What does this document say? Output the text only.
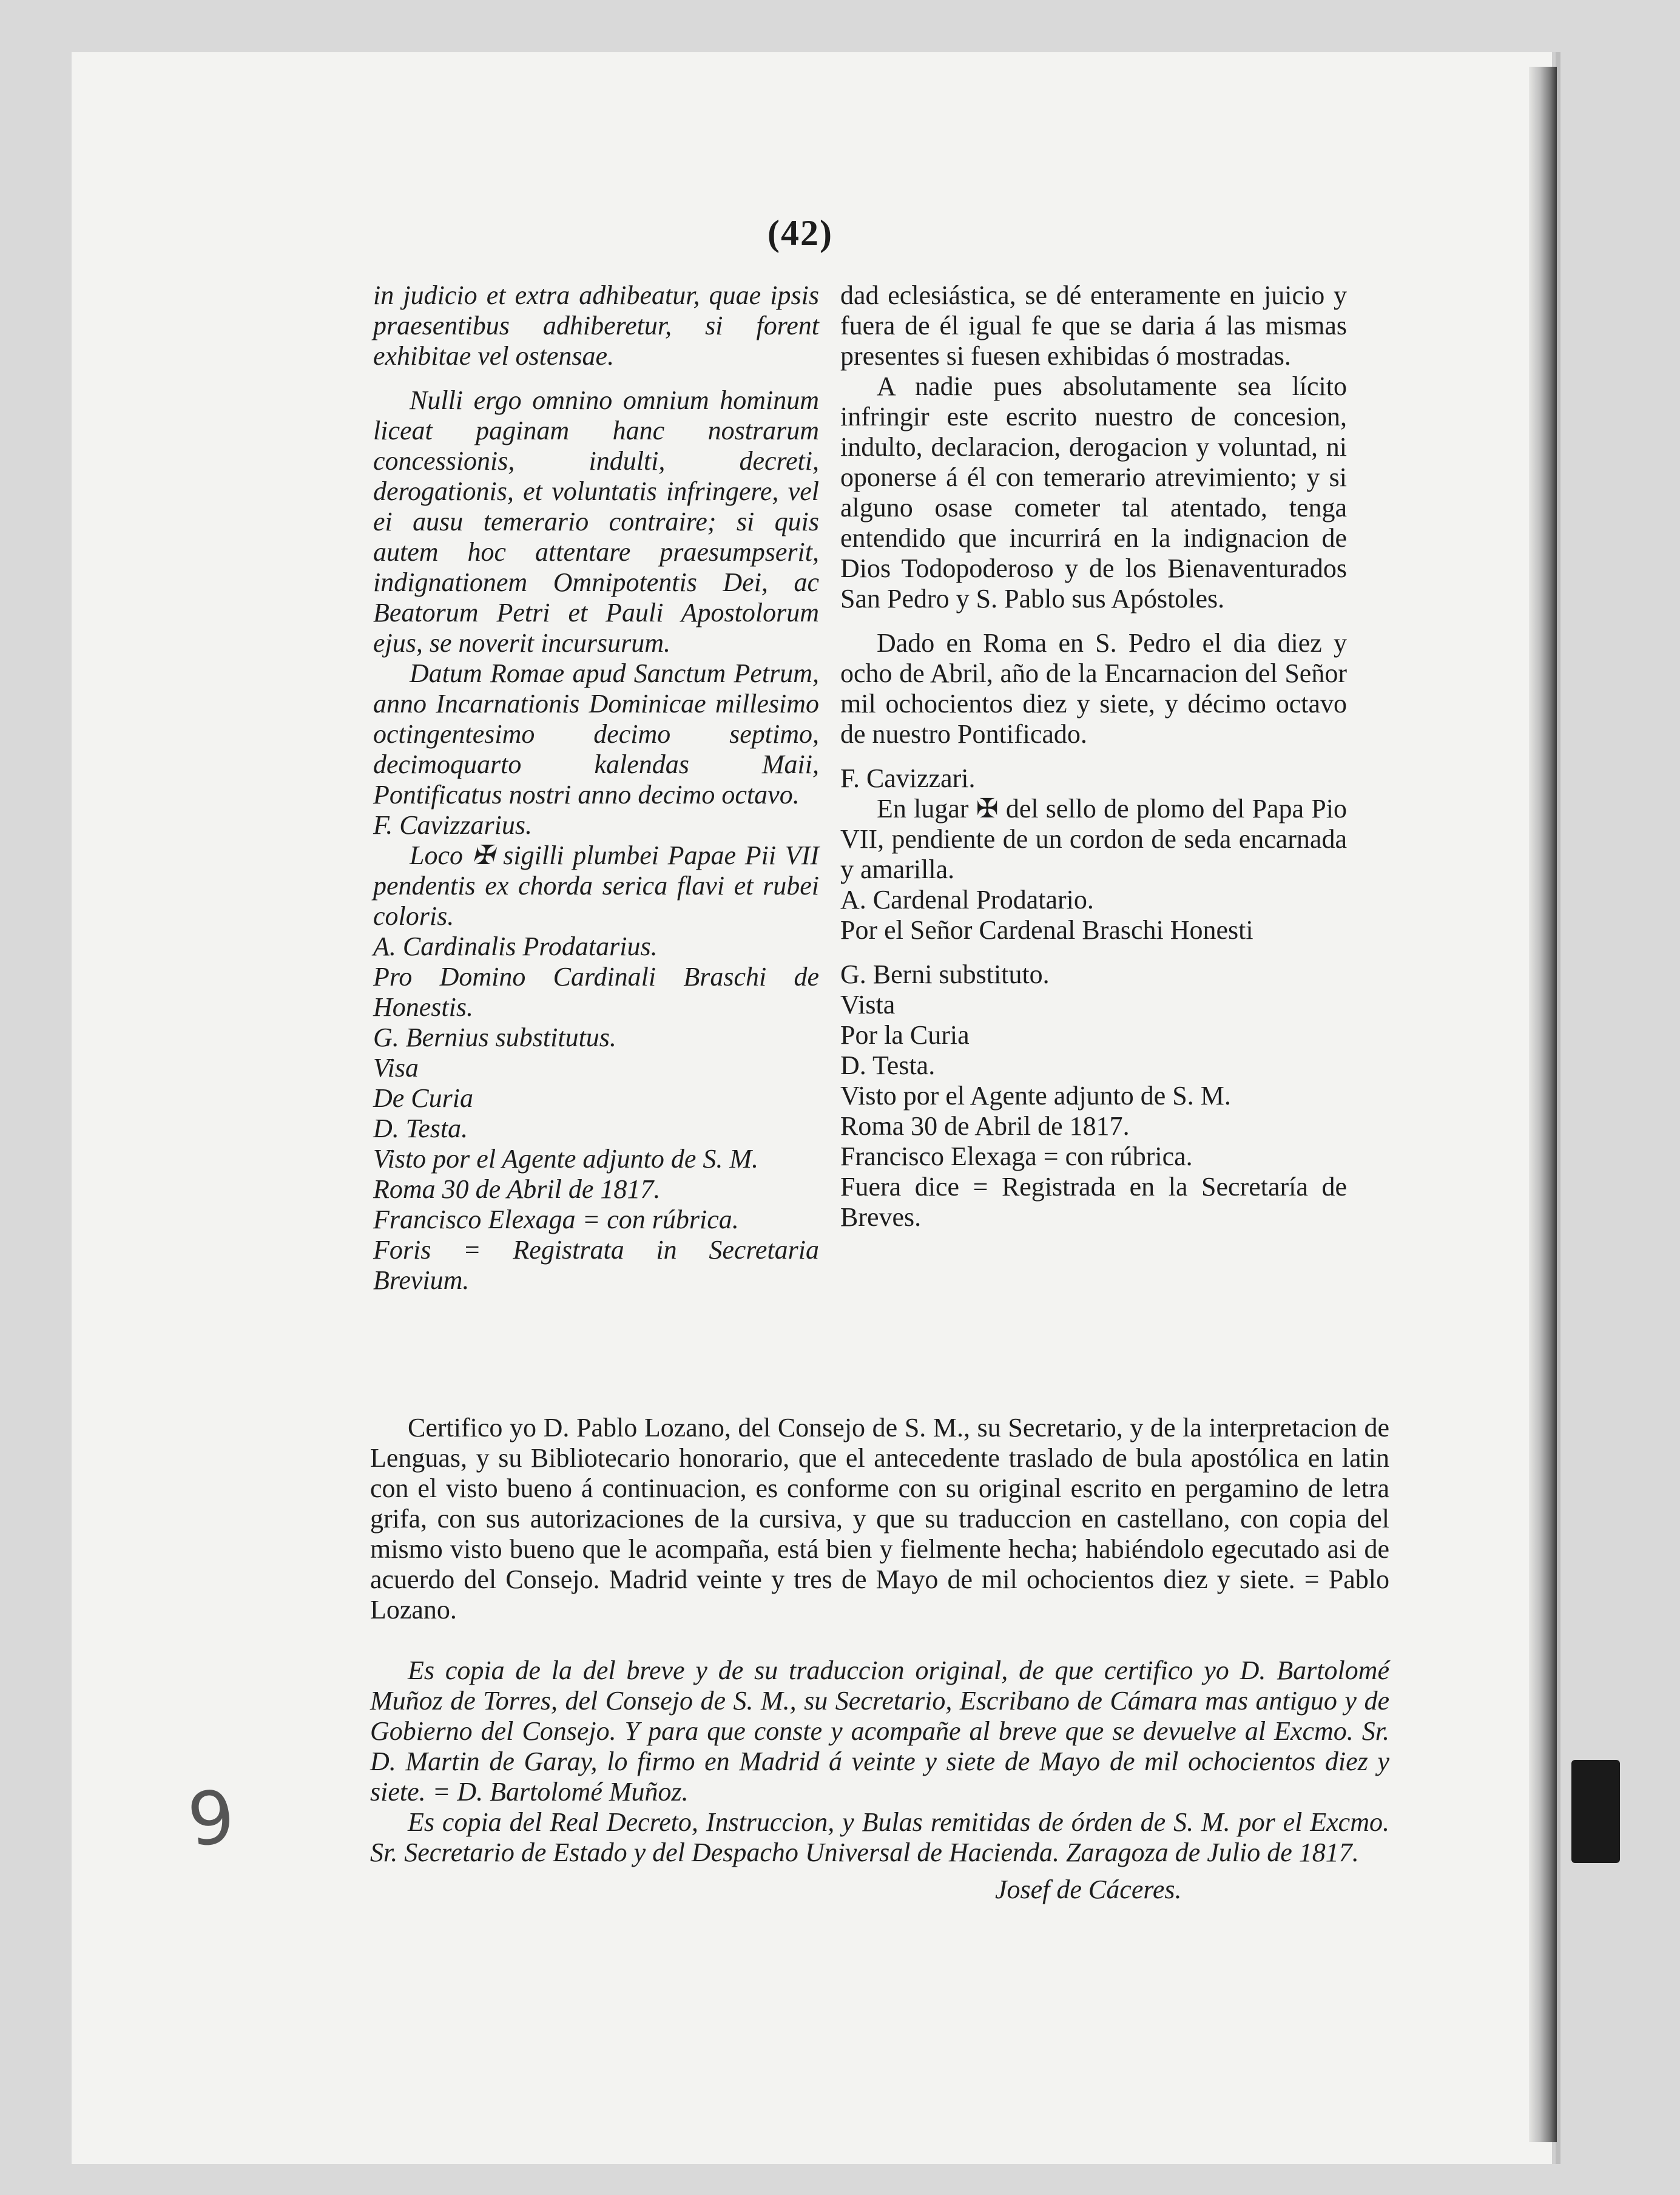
(42)

in judicio et extra adhibeatur, quae ipsis praesentibus adhiberetur, si forent exhibitae vel ostensae.

Nulli ergo omnino omnium hominum liceat paginam hanc nostrarum concessionis, indulti, decreti, derogationis, et voluntatis infringere, vel ei ausu temerario contraire; si quis autem hoc attentare praesumpserit, indignationem Omnipotentis Dei, ac Beatorum Petri et Pauli Apostolorum ejus, se noverit incursurum.

Datum Romae apud Sanctum Petrum, anno Incarnationis Dominicae millesimo octingentesimo decimo septimo, decimoquarto kalendas Maii, Pontificatus nostri anno decimo octavo.

F. Cavizzarius.

Loco ✠ sigilli plumbei Papae Pii VII pendentis ex chorda serica flavi et rubei coloris.

A. Cardinalis Prodatarius.

Pro Domino Cardinali Braschi de Honestis.

G. Bernius substitutus.

Visa

De Curia

D. Testa.

Visto por el Agente adjunto de S. M.

Roma 30 de Abril de 1817.

Francisco Elexaga = con rúbrica.

Foris = Registrata in Secretaria Brevium.

dad eclesiástica, se dé enteramente en juicio y fuera de él igual fe que se daria á las mismas presentes si fuesen exhibidas ó mostradas.

A nadie pues absolutamente sea lícito infringir este escrito nuestro de concesion, indulto, declaracion, derogacion y voluntad, ni oponerse á él con temerario atrevimiento; y si alguno osase cometer tal atentado, tenga entendido que incurrirá en la indignacion de Dios Todopoderoso y de los Bienaventurados San Pedro y S. Pablo sus Apóstoles.

Dado en Roma en S. Pedro el dia diez y ocho de Abril, año de la Encarnacion del Señor mil ochocientos diez y siete, y décimo octavo de nuestro Pontificado.

F. Cavizzari.

En lugar ✠ del sello de plomo del Papa Pio VII, pendiente de un cordon de seda encarnada y amarilla.

A. Cardenal Prodatario.

Por el Señor Cardenal Braschi Honesti

G. Berni substituto.

Vista

Por la Curia

D. Testa.

Visto por el Agente adjunto de S. M.

Roma 30 de Abril de 1817.

Francisco Elexaga = con rúbrica.

Fuera dice = Registrada en la Secretaría de Breves.

Certifico yo D. Pablo Lozano, del Consejo de S. M., su Secretario, y de la interpretacion de Lenguas, y su Bibliotecario honorario, que el antecedente traslado de bula apostólica en latin con el visto bueno á continuacion, es conforme con su original escrito en pergamino de letra grifa, con sus autorizaciones de la cursiva, y que su traduccion en castellano, con copia del mismo visto bueno que le acompaña, está bien y fielmente hecha; habiéndolo egecutado asi de acuerdo del Consejo. Madrid veinte y tres de Mayo de mil ochocientos diez y siete. = Pablo Lozano.

Es copia de la del breve y de su traduccion original, de que certifico yo D. Bartolomé Muñoz de Torres, del Consejo de S. M., su Secretario, Escribano de Cámara mas antiguo y de Gobierno del Consejo. Y para que conste y acompañe al breve que se devuelve al Excmo. Sr. D. Martin de Garay, lo firmo en Madrid á veinte y siete de Mayo de mil ochocientos diez y siete. = D. Bartolomé Muñoz.

Es copia del Real Decreto, Instruccion, y Bulas remitidas de órden de S. M. por el Excmo. Sr. Secretario de Estado y del Despacho Universal de Hacienda. Zaragoza de Julio de 1817.

Josef de Cáceres.
9
